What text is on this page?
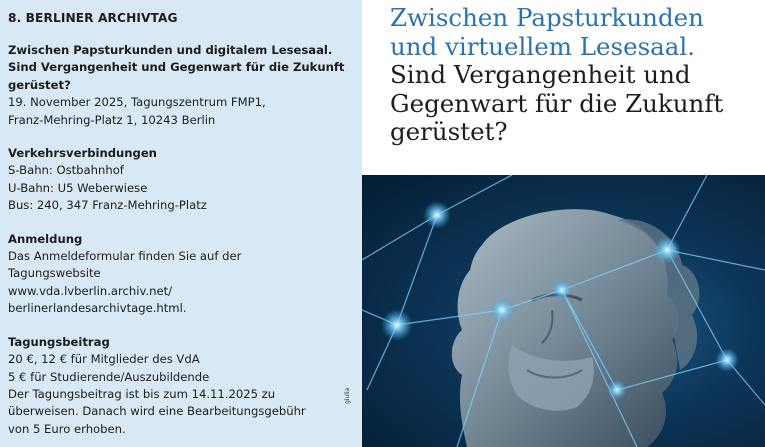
8. BERLINER ARCHIVTAG
Zwischen Papsturkunden und digitalem Lesesaal.
Sind Vergangenheit und Gegenwart für die Zukunft
gerüstet?
19. November 2025, Tagungszentrum FMP1,
Franz-Mehring-Platz 1, 10243 Berlin
Verkehrsverbindungen
S-Bahn: Ostbahnhof
U-Bahn: U5 Weberwiese
Bus: 240, 347 Franz-Mehring-Platz
Anmeldung
Das Anmeldeformular finden Sie auf der
Tagungswebsite
www.vda.lvberlin.archiv.net/
berlinerlandesarchivtage.html.
Tagungsbeitrag
20 €, 12 € für Mitglieder des VdA
5 € für Studierende/Auszubildende
Der Tagungsbeitrag ist bis zum 14.11.2025 zu
überweisen. Danach wird eine Bearbeitungsgebühr
von 5 Euro erhoben.
giulia
Zwischen Papsturkunden
und virtuellem Lesesaal.
Sind Vergangenheit und
Gegenwart für die Zukunft
gerüstet?
